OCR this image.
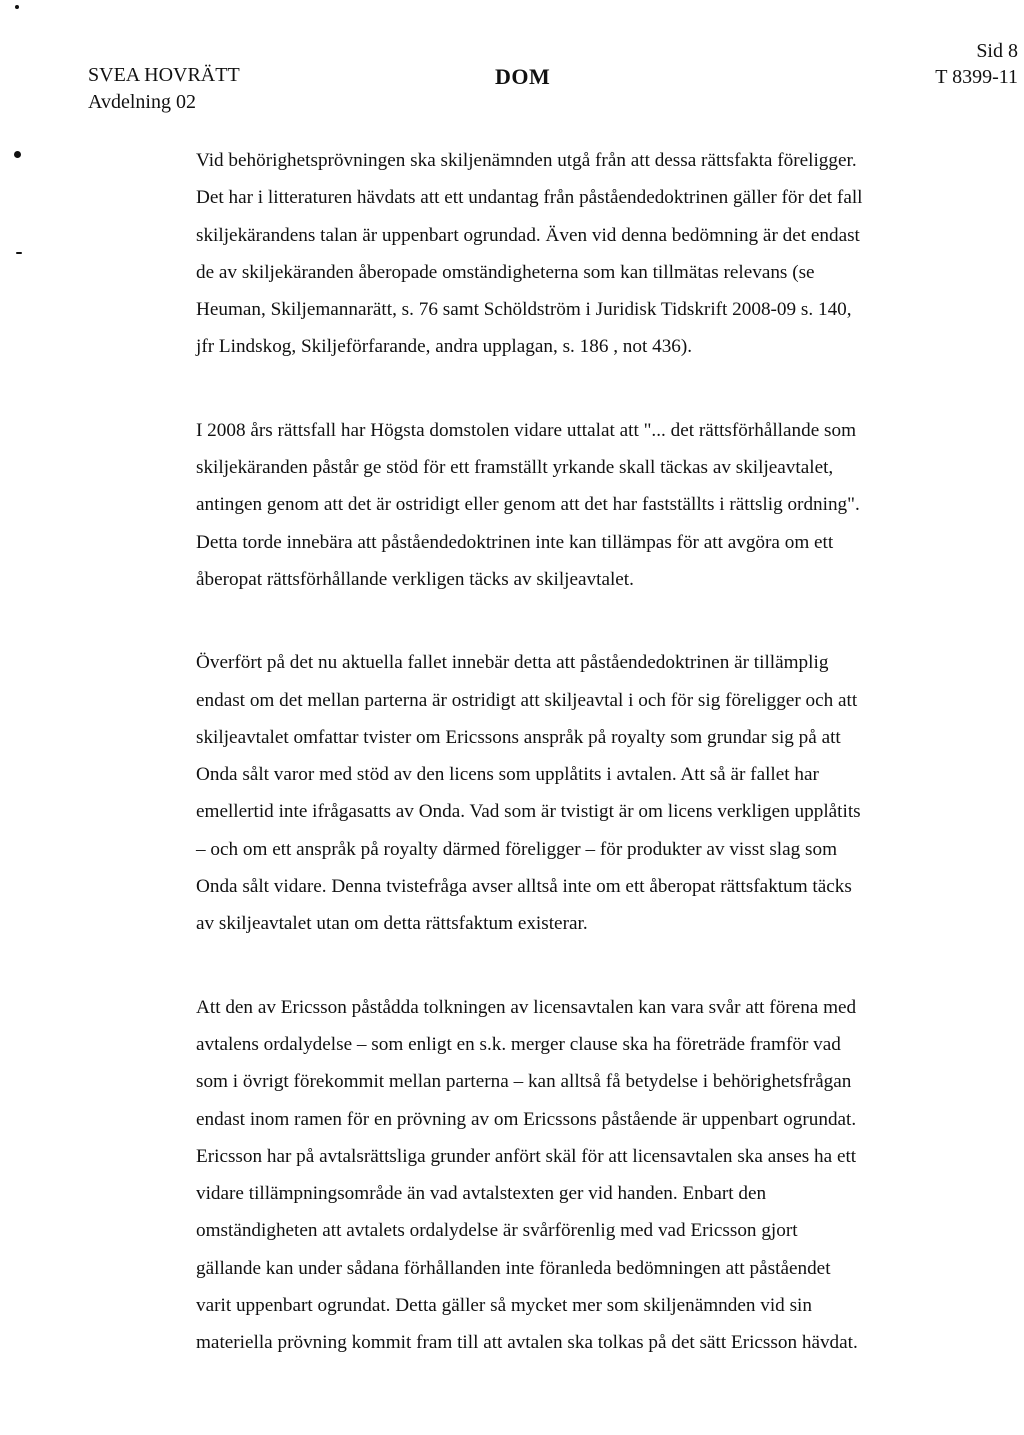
SVEA HOVRÄTT
Avdelning 02
DOM
Sid 8
T 8399-11
Vid behörighetsprövningen ska skiljenämnden utgå från att dessa rättsfakta föreligger.
Det har i litteraturen hävdats att ett undantag från påståendedoktrinen gäller för det fall
skiljekärandens talan är uppenbart ogrundad. Även vid denna bedömning är det endast
de av skiljekäranden åberopade omständigheterna som kan tillmätas relevans (se
Heuman, Skiljemannarätt, s. 76 samt Schöldström i Juridisk Tidskrift 2008-09 s. 140,
jfr Lindskog, Skiljeförfarande, andra upplagan, s. 186 , not 436).
I 2008 års rättsfall har Högsta domstolen vidare uttalat att "... det rättsförhållande som
skiljekäranden påstår ge stöd för ett framställt yrkande skall täckas av skiljeavtalet,
antingen genom att det är ostridigt eller genom att det har fastställts i rättslig ordning".
Detta torde innebära att påståendedoktrinen inte kan tillämpas för att avgöra om ett
åberopat rättsförhållande verkligen täcks av skiljeavtalet.
Överfört på det nu aktuella fallet innebär detta att påståendedoktrinen är tillämplig
endast om det mellan parterna är ostridigt att skiljeavtal i och för sig föreligger och att
skiljeavtalet omfattar tvister om Ericssons anspråk på royalty som grundar sig på att
Onda sålt varor med stöd av den licens som upplåtits i avtalen. Att så är fallet har
emellertid inte ifrågasatts av Onda. Vad som är tvistigt är om licens verkligen upplåtits
– och om ett anspråk på royalty därmed föreligger – för produkter av visst slag som
Onda sålt vidare. Denna tvistefråga avser alltså inte om ett åberopat rättsfaktum täcks
av skiljeavtalet utan om detta rättsfaktum existerar.
Att den av Ericsson påstådda tolkningen av licensavtalen kan vara svår att förena med
avtalens ordalydelse – som enligt en s.k. merger clause ska ha företräde framför vad
som i övrigt förekommit mellan parterna – kan alltså få betydelse i behörighetsfrågan
endast inom ramen för en prövning av om Ericssons påstående är uppenbart ogrundat.
Ericsson har på avtalsrättsliga grunder anfört skäl för att licensavtalen ska anses ha ett
vidare tillämpningsområde än vad avtalstexten ger vid handen. Enbart den
omständigheten att avtalets ordalydelse är svårförenlig med vad Ericsson gjort
gällande kan under sådana förhållanden inte föranleda bedömningen att påståendet
varit uppenbart ogrundat. Detta gäller så mycket mer som skiljenämnden vid sin
materiella prövning kommit fram till att avtalen ska tolkas på det sätt Ericsson hävdat.
